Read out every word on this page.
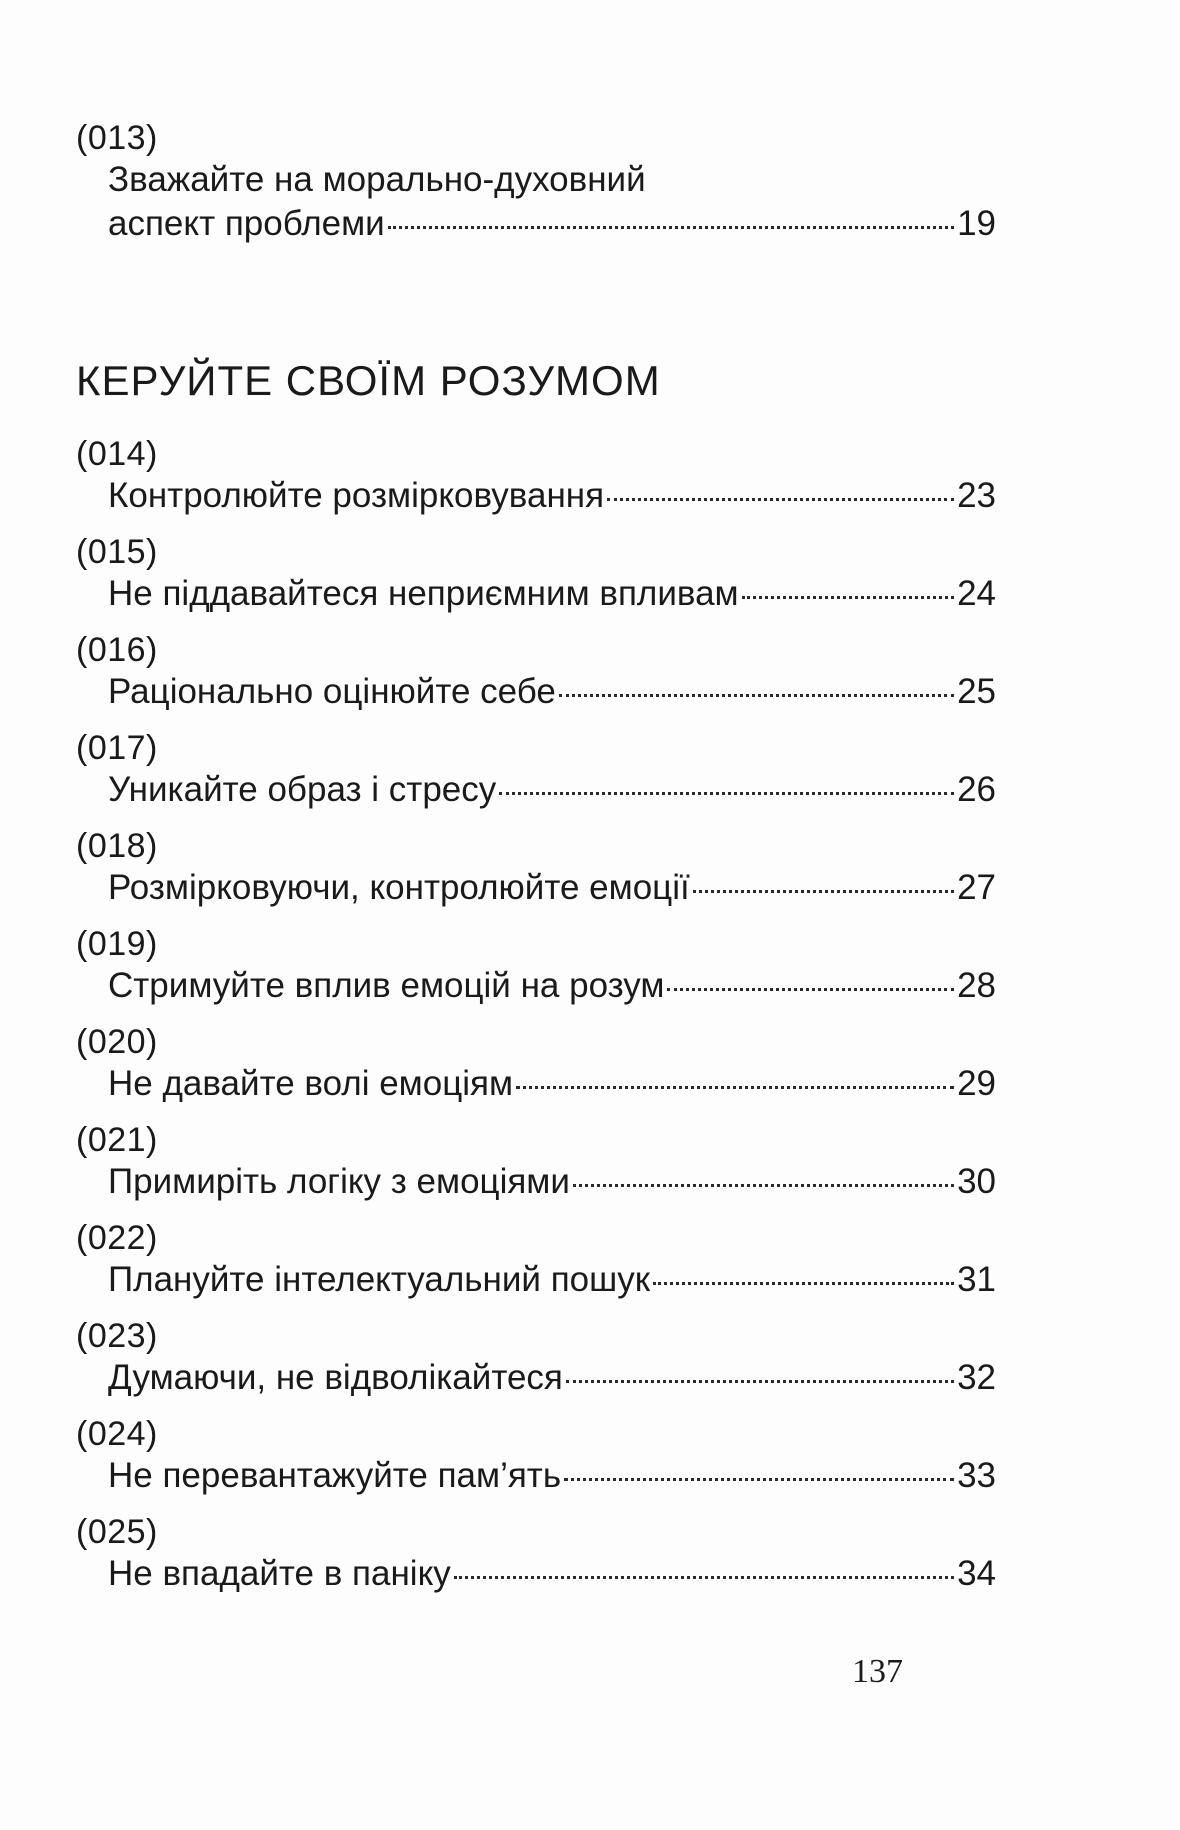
(013)
Зважайте на морально-духовний
аспект проблеми	19
КЕРУЙТЕ СВОЇМ РОЗУМОМ
(014)
Контролюйте розмірковування	23
(015)
Не піддавайтеся неприємним впливам	24
(016)
Раціонально оцінюйте себе	25
(017)
Уникайте образ і стресу	26
(018)
Розмірковуючи, контролюйте емоції	27
(019)
Стримуйте вплив емоцій на розум	28
(020)
Не давайте волі емоціям	29
(021)
Примиріть логіку з емоціями	30
(022)
Плануйте інтелектуальний пошук	31
(023)
Думаючи, не відволікайтеся	32
(024)
Не перевантажуйте пам’ять	33
(025)
Не впадайте в паніку	34
137
